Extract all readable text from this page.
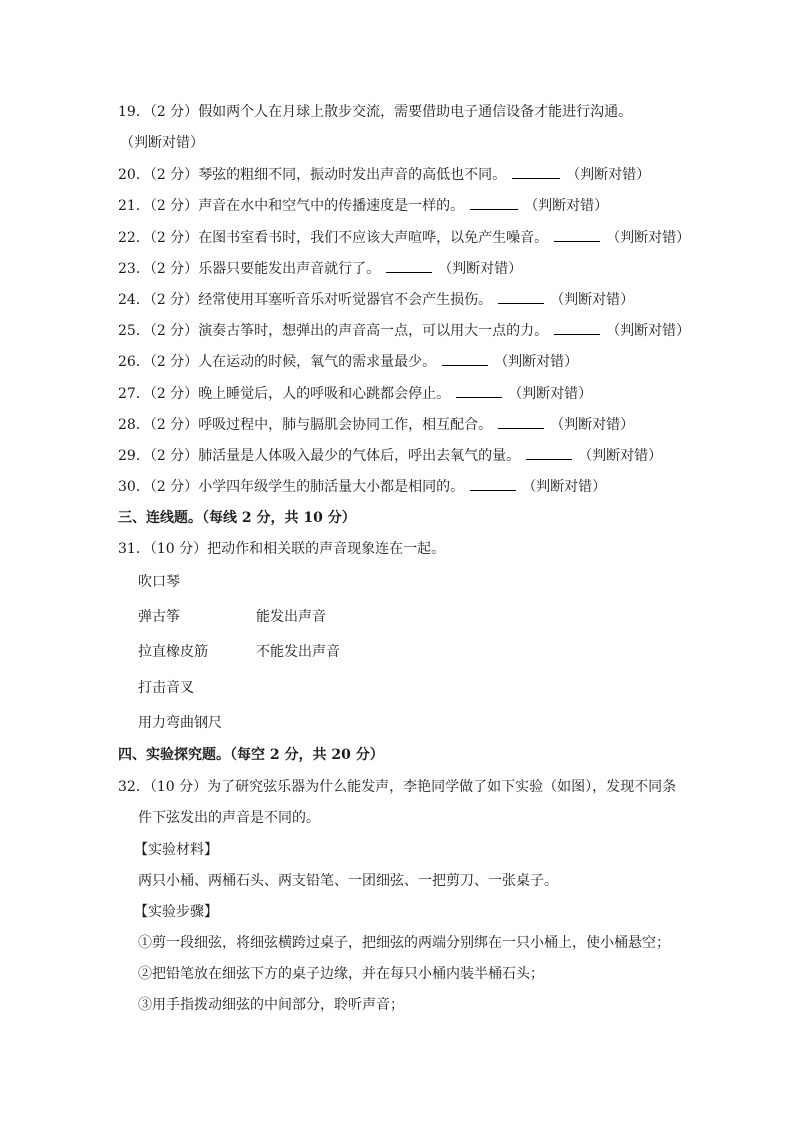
19．（2 分）假如两个人在月球上散步交流，需要借助电子通信设备才能进行沟通。
（判断对错）
20．（2 分）琴弦的粗细不同，振动时发出声音的高低也不同。	（判断对错）
21．（2 分）声音在水中和空气中的传播速度是一样的。	（判断对错）
22．（2 分）在图书室看书时，我们不应该大声喧哗，以免产生噪音。	（判断对错）
23．（2 分）乐器只要能发出声音就行了。	（判断对错）
24．（2 分）经常使用耳塞听音乐对听觉器官不会产生损伤。	（判断对错）
25．（2 分）演奏古筝时，想弹出的声音高一点，可以用大一点的力。	（判断对错）
26．（2 分）人在运动的时候，氧气的需求量最少。	（判断对错）
27．（2 分）晚上睡觉后，人的呼吸和心跳都会停止。	（判断对错）
28．（2 分）呼吸过程中，肺与膈肌会协同工作，相互配合。	（判断对错）
29．（2 分）肺活量是人体吸入最少的气体后，呼出去氧气的量。	（判断对错）
30．（2 分）小学四年级学生的肺活量大小都是相同的。	（判断对错）
三、连线题。（每线 2 分，共 10 分）
31．（10 分）把动作和相关联的声音现象连在一起。
吹口琴
弹古筝	能发出声音
拉直橡皮筋	不能发出声音
打击音叉
用力弯曲钢尺
四、实验探究题。（每空 2 分，共 20 分）
32．（10 分）为了研究弦乐器为什么能发声，李艳同学做了如下实验（如图），发现不同条
件下弦发出的声音是不同的。
【实验材料】
两只小桶、两桶石头、两支铅笔、一团细弦、一把剪刀、一张桌子。
【实验步骤】
①剪一段细弦，将细弦横跨过桌子，把细弦的两端分别绑在一只小桶上，使小桶悬空；
②把铅笔放在细弦下方的桌子边缘，并在每只小桶内装半桶石头；
③用手指拨动细弦的中间部分，聆听声音；
